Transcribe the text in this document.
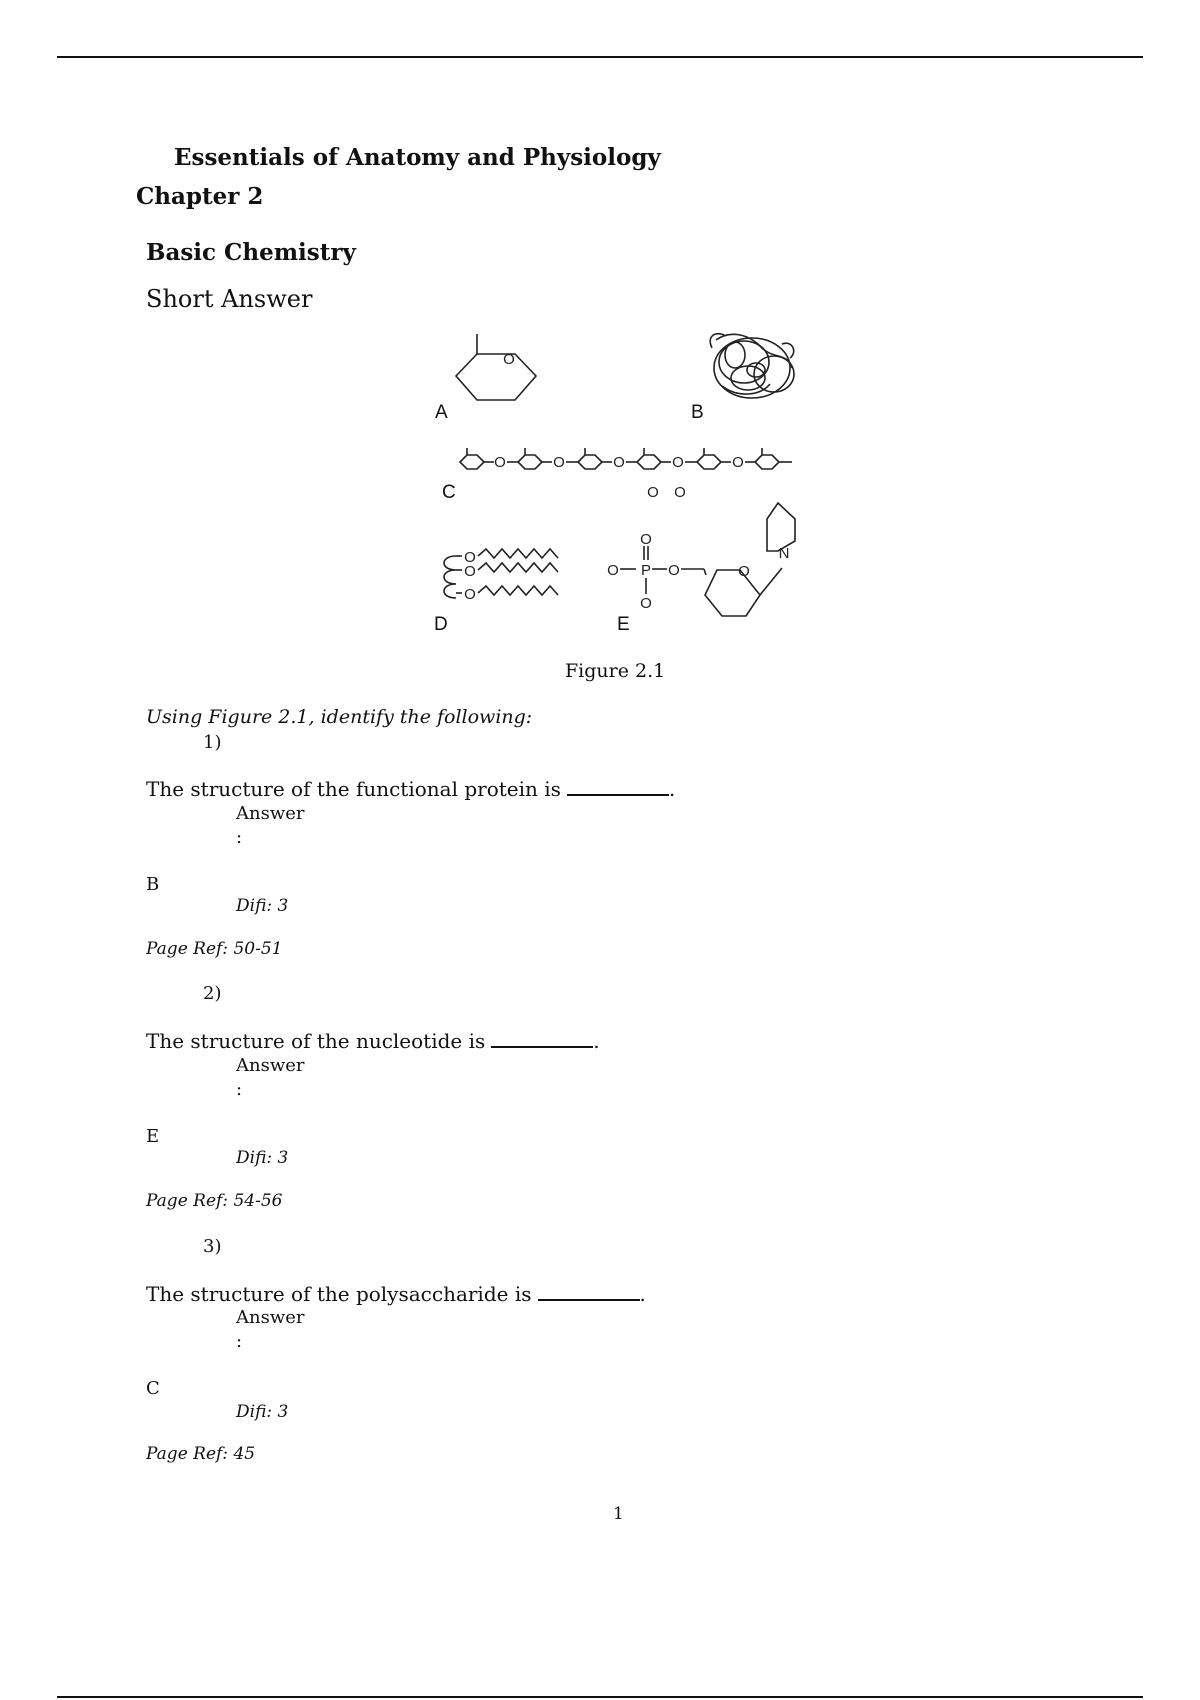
Essentials of Anatomy and Physiology
Chapter 2
Basic Chemistry
Short Answer
O
O	O	O	O	O
O O
O
O
O
O
O P O
O
O
N
A	B
C
D	E
Figure 2.1
Using Figure 2.1, identify the following:
1)
The structure of the functional protein is	.
Answer
:
B
Difi: 3
Page Ref: 50-51
2)
The structure of the nucleotide is	.
Answer
:
E
Difi: 3
Page Ref: 54-56
3)
The structure of the polysaccharide is	.
Answer
:
C
Difi: 3
Page Ref: 45
1
